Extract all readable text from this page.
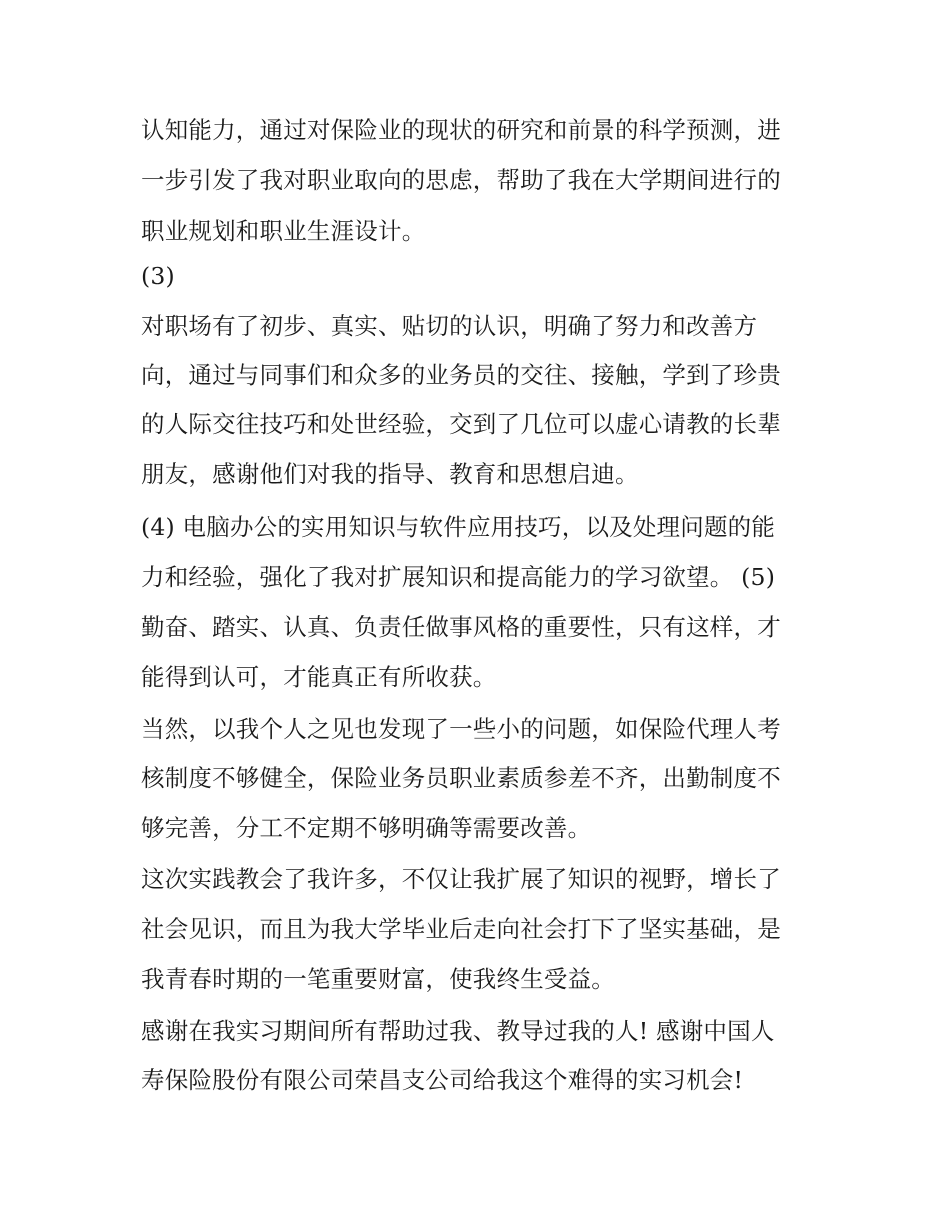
认知能力，通过对保险业的现状的研究和前景的科学预测，进
一步引发了我对职业取向的思虑，帮助了我在大学期间进行的
职业规划和职业生涯设计。
(3)
对职场有了初步、真实、贴切的认识，明确了努力和改善方
向，通过与同事们和众多的业务员的交往、接触，学到了珍贵
的人际交往技巧和处世经验，交到了几位可以虚心请教的长辈
朋友，感谢他们对我的指导、教育和思想启迪。
(4) 电脑办公的实用知识与软件应用技巧，以及处理问题的能
力和经验，强化了我对扩展知识和提高能力的学习欲望。 (5)
勤奋、踏实、认真、负责任做事风格的重要性，只有这样，才
能得到认可，才能真正有所收获。
当然，以我个人之见也发现了一些小的问题，如保险代理人考
核制度不够健全，保险业务员职业素质参差不齐，出勤制度不
够完善，分工不定期不够明确等需要改善。
这次实践教会了我许多，不仅让我扩展了知识的视野，增长了
社会见识，而且为我大学毕业后走向社会打下了坚实基础，是
我青春时期的一笔重要财富，使我终生受益。
感谢在我实习期间所有帮助过我、教导过我的人! 感谢中国人
寿保险股份有限公司荣昌支公司给我这个难得的实习机会!
